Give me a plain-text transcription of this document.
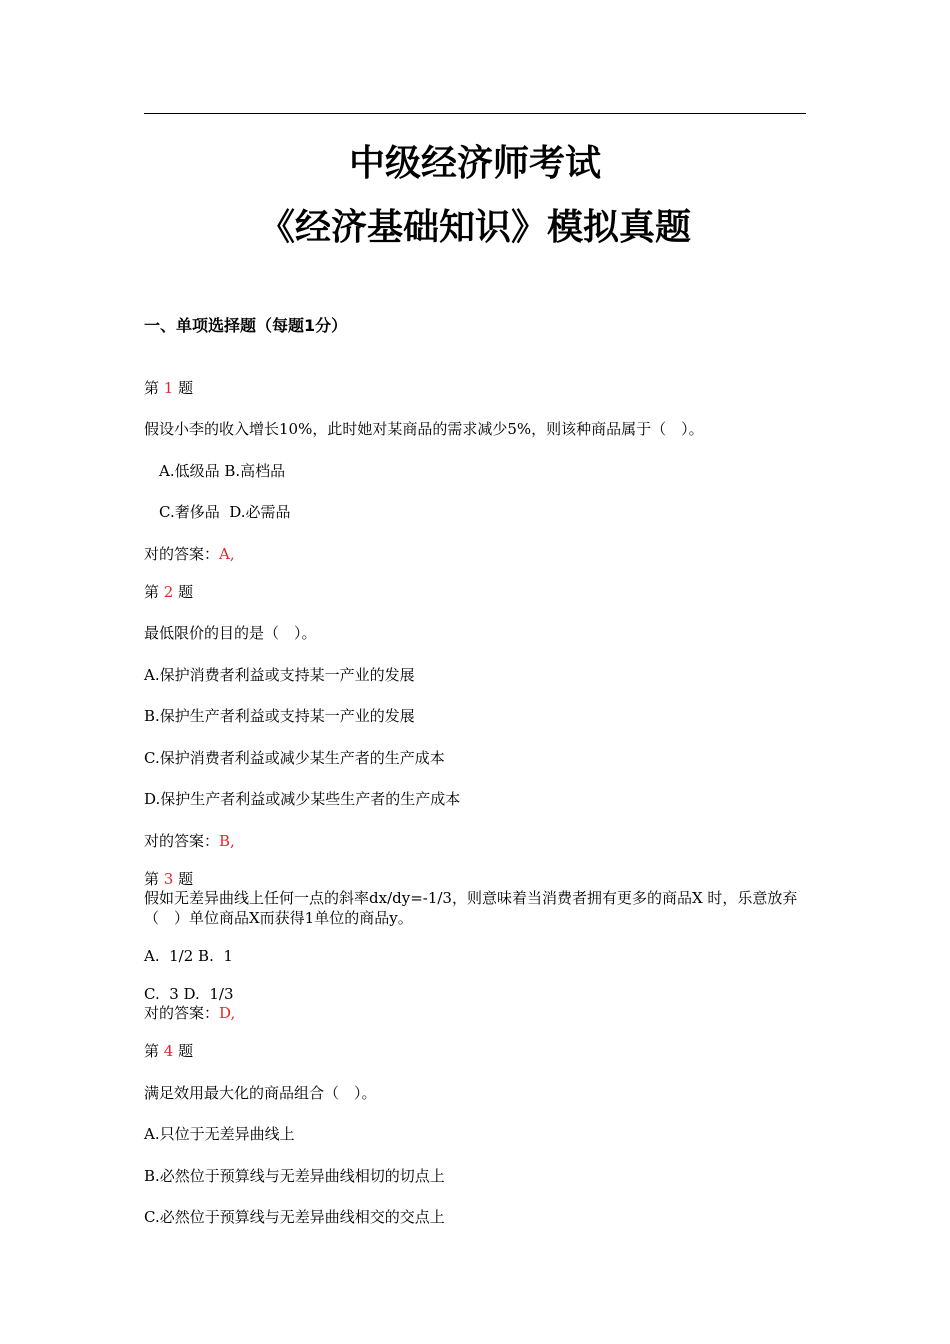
中级经济师考试
《经济基础知识》模拟真题
一、单项选择题（每题1分）
第 1 题
假设小李的收入增长10%，此时她对某商品的需求减少5%，则该种商品属于（　）。
A.低级品 B.高档品
C.奢侈品  D.必需品
对的答案：A,
第 2 题
最低限价的目的是（　）。
A.保护消费者利益或支持某一产业的发展
B.保护生产者利益或支持某一产业的发展
C.保护消费者利益或减少某生产者的生产成本
D.保护生产者利益或减少某些生产者的生产成本
对的答案：B,
第 3 题
假如无差异曲线上任何一点的斜率dx/dy=-1/3，则意味着当消费者拥有更多的商品X 时，乐意放弃（　）单位商品X而获得1单位的商品y。
A.  1/2 B.  1
C.  3 D.  1/3
对的答案：D,
第 4 题
满足效用最大化的商品组合（　）。
A.只位于无差异曲线上
B.必然位于预算线与无差异曲线相切的切点上
C.必然位于预算线与无差异曲线相交的交点上
